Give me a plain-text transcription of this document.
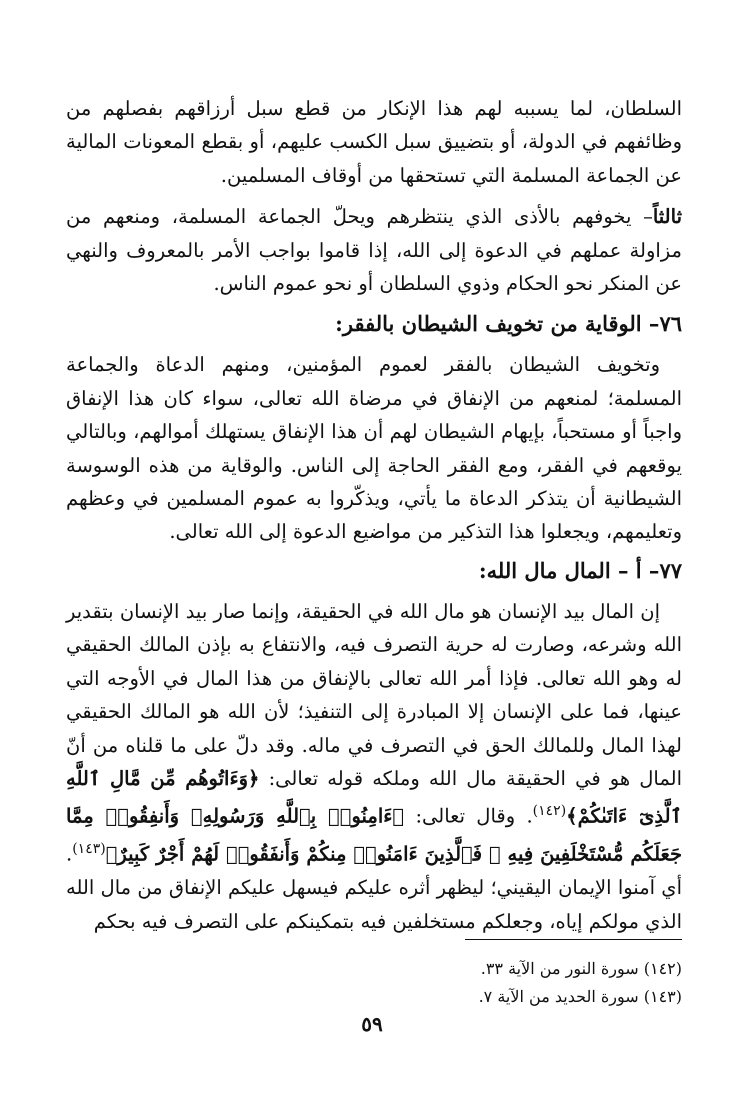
السلطان، لما يسببه لهم هذا الإنكار من قطع سبل أرزاقهم بفصلهم من وظائفهم في الدولة، أو بتضييق سبل الكسب عليهم، أو بقطع المعونات المالية عن الجماعة المسلمة التي تستحقها من أوقاف المسلمين.

ثالثاً– يخوفهم بالأذى الذي ينتظرهم ويحلّ الجماعة المسلمة، ومنعهم من مزاولة عملهم في الدعوة إلى الله، إذا قاموا بواجب الأمر بالمعروف والنهي عن المنكر نحو الحكام وذوي السلطان أو نحو عموم الناس.

٧٦– الوقاية من تخويف الشيطان بالفقر:

وتخويف الشيطان بالفقر لعموم المؤمنين، ومنهم الدعاة والجماعة المسلمة؛ لمنعهم من الإنفاق في مرضاة الله تعالى، سواء كان هذا الإنفاق واجباً أو مستحباً، بإيهام الشيطان لهم أن هذا الإنفاق يستهلك أموالهم، وبالتالي يوقعهم في الفقر، ومع الفقر الحاجة إلى الناس. والوقاية من هذه الوسوسة الشيطانية أن يتذكر الدعاة ما يأتي، ويذكّروا به عموم المسلمين في وعظهم وتعليمهم، ويجعلوا هذا التذكير من مواضيع الدعوة إلى الله تعالى.

٧٧– أ – المال مال الله:

إن المال بيد الإنسان هو مال الله في الحقيقة، وإنما صار بيد الإنسان بتقدير الله وشرعه، وصارت له حرية التصرف فيه، والانتفاع به بإذن المالك الحقيقي له وهو الله تعالى. فإذا أمر الله تعالى بالإنفاق من هذا المال في الأوجه التي عينها، فما على الإنسان إلا المبادرة إلى التنفيذ؛ لأن الله هو المالك الحقيقي لهذا المال وللمالك الحق في التصرف في ماله. وقد دلّ على ما قلناه من أنّ المال هو في الحقيقة مال الله وملكه قوله تعالى: ﴿وَءَاتُوهُم مِّن مَّالِ ٱللَّهِ ٱلَّذِىٓ ءَاتَىٰكُمْ﴾$^{(١٤٢)}$. وقال تعالى: ﴿ءَامِنُوا۟ بِٱللَّهِ وَرَسُولِهِۦ وَأَنفِقُوا۟ مِمَّا جَعَلَكُم مُّسْتَخْلَفِينَ فِيهِ ۖ فَٱلَّذِينَ ءَامَنُوا۟ مِنكُمْ وَأَنفَقُوا۟ لَهُمْ أَجْرٌ كَبِيرٌ﴾$^{(١٤٣)}$. أي آمنوا الإيمان اليقيني؛ ليظهر أثره عليكم فيسهل عليكم الإنفاق من مال الله الذي مولكم إياه، وجعلكم مستخلفين فيه بتمكينكم على التصرف فيه بحكم

(١٤٢) سورة النور من الآية ٣٣.
(١٤٣) سورة الحديد من الآية ٧.
٥٩
